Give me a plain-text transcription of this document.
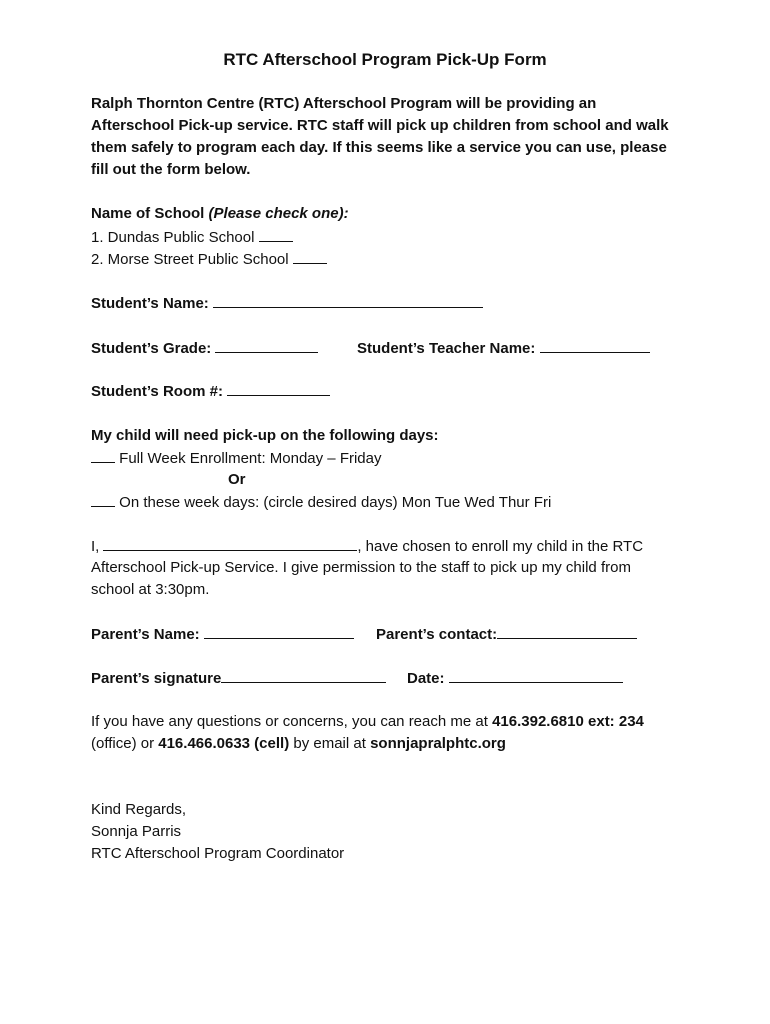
RTC Afterschool Program Pick-Up Form
Ralph Thornton Centre (RTC) Afterschool Program will be providing an
Afterschool Pick-up service. RTC staff will pick up children from school and walk
them safely to program each day. If this seems like a service you can use, please
fill out the form below.
Name of School (Please check one):
1. Dundas Public School
2. Morse Street Public School
Student’s Name:
Student’s Grade:	Student’s Teacher Name:
Student’s Room #:
My child will need pick-up on the following days:
Full Week Enrollment: Monday – Friday
Or
On these week days: (circle desired days) Mon Tue Wed Thur Fri
I,	, have chosen to enroll my child in the RTC
Afterschool Pick-up Service. I give permission to the staff to pick up my child from
school at 3:30pm.
Parent’s Name:	Parent’s contact:
Parent’s signature	Date:
If you have any questions or concerns, you can reach me at 416.392.6810 ext: 234
(office) or 416.466.0633 (cell) by email at sonnjapralphtc.org
Kind Regards,
Sonnja Parris
RTC Afterschool Program Coordinator
